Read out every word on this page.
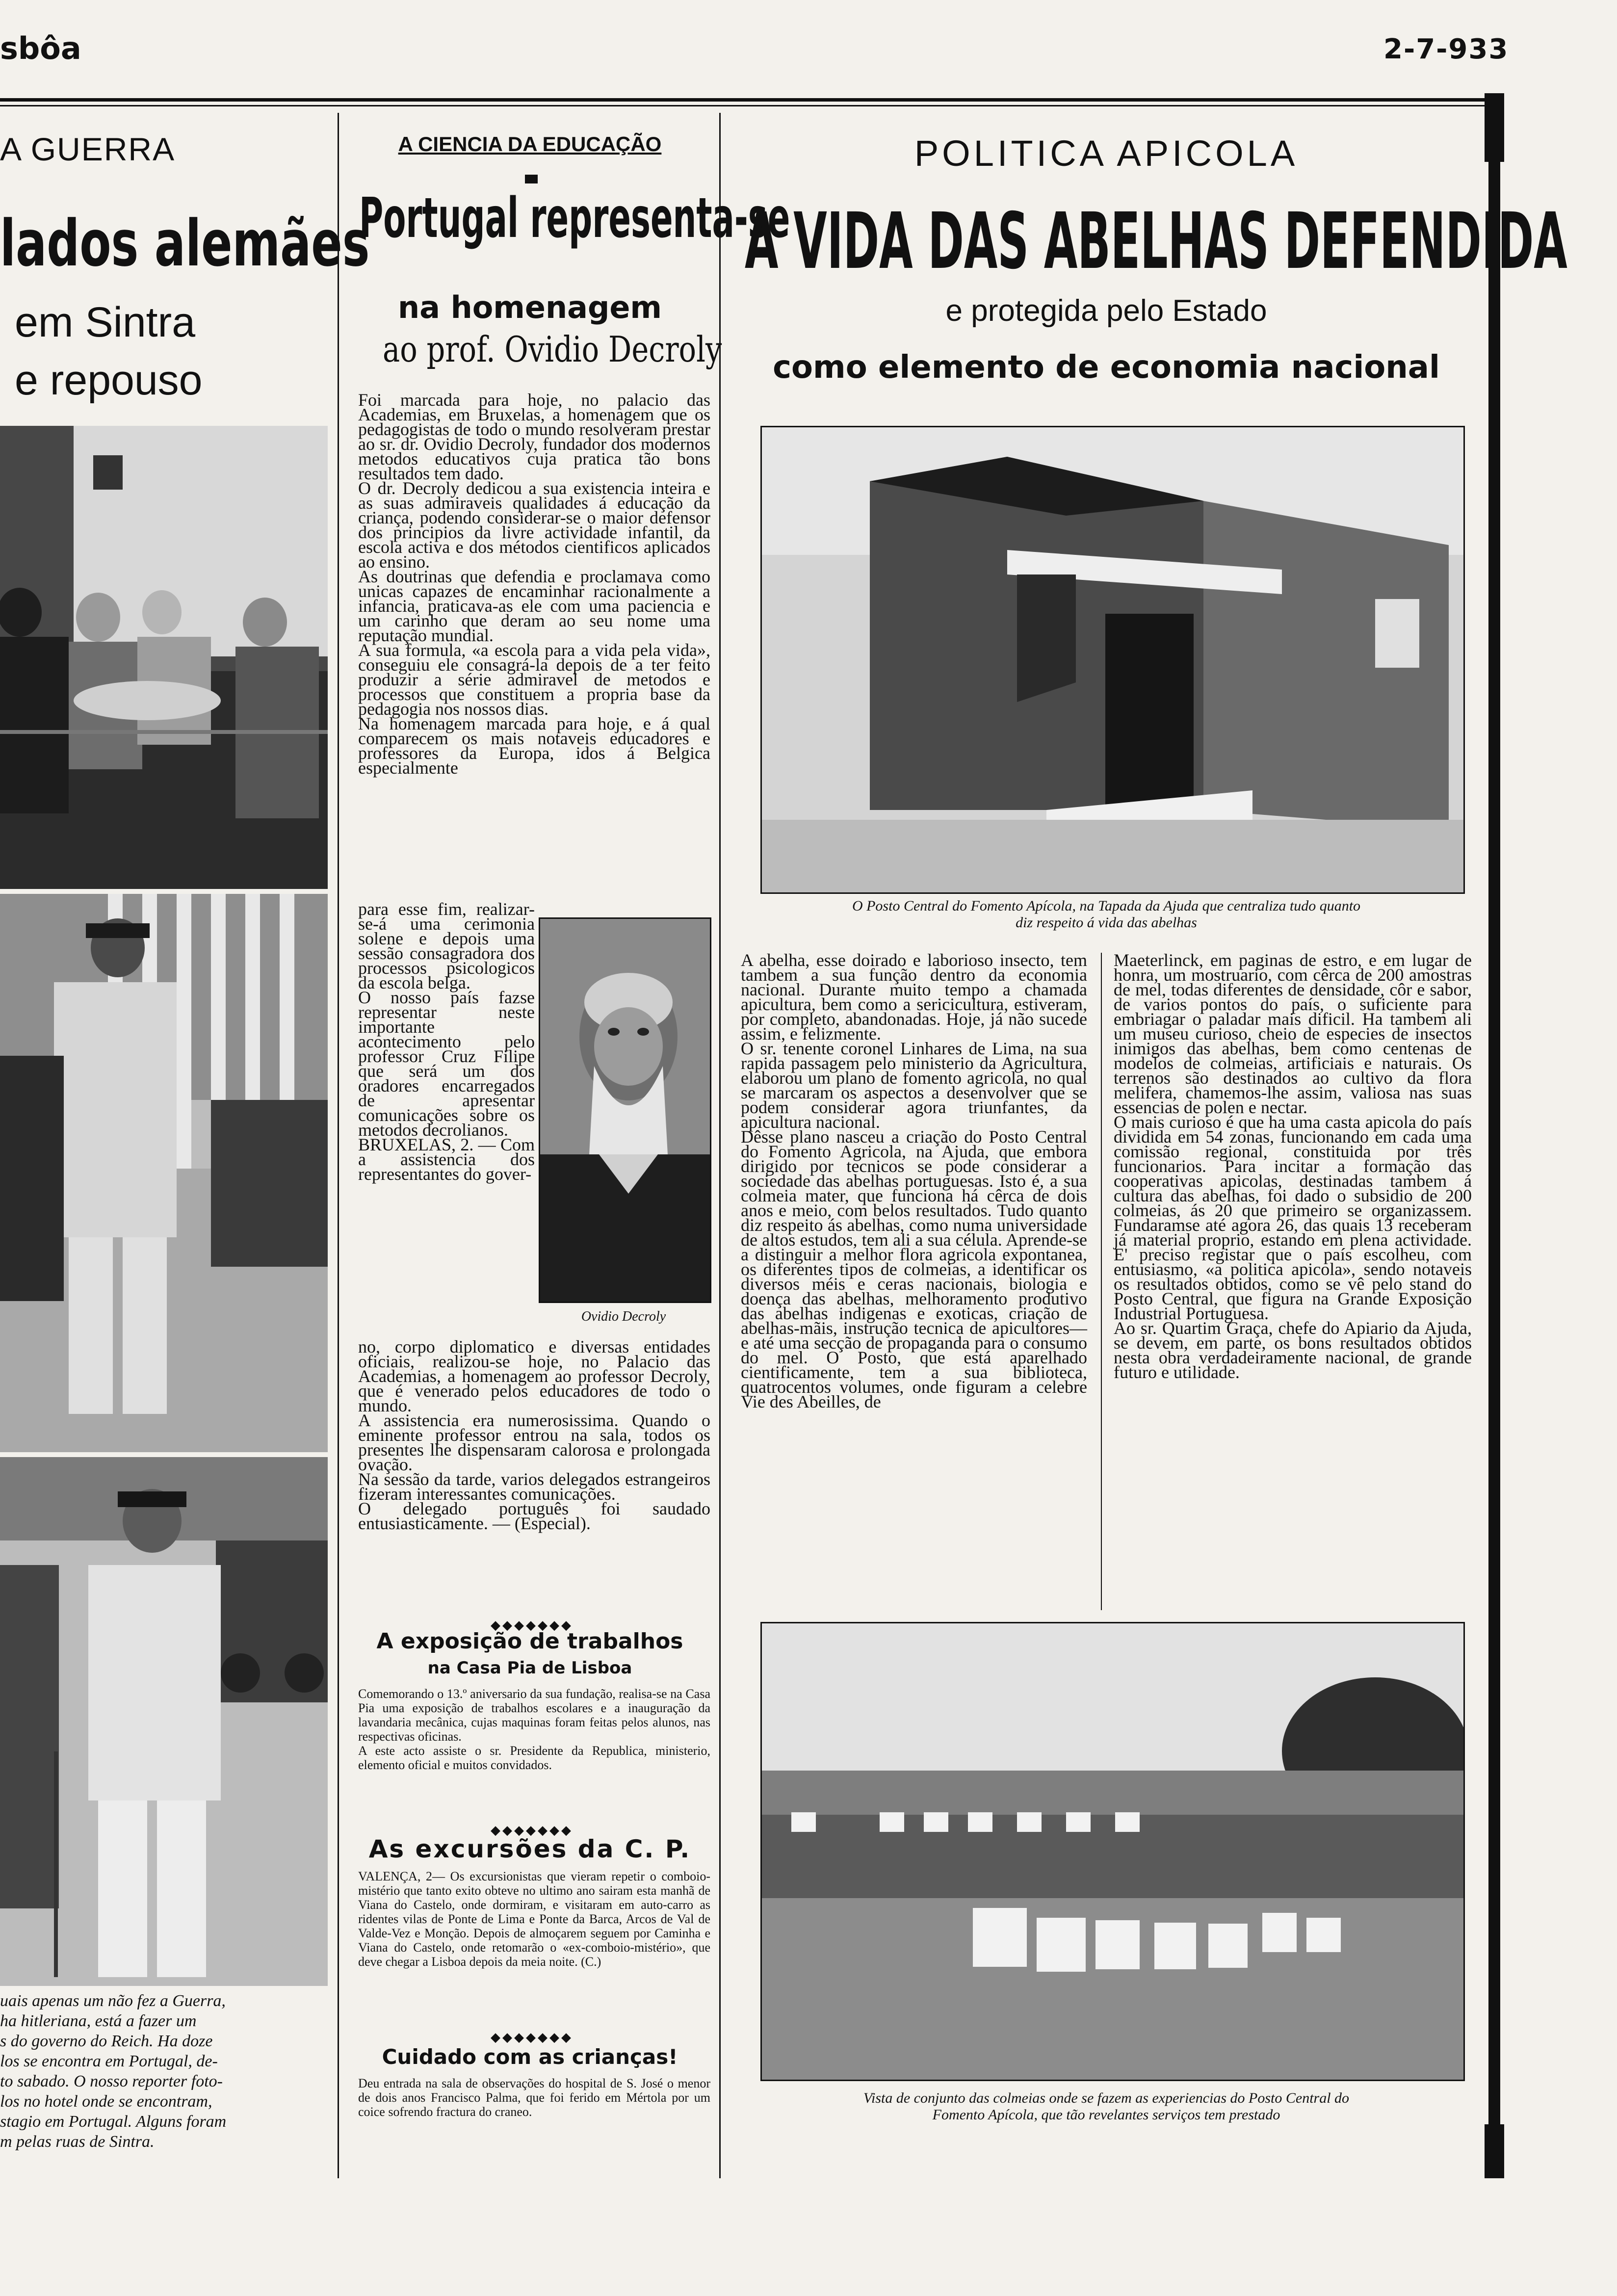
sbôa	2-7-933
A GUERRA
lados alemães
em Sintra
e repouso
uais apenas um não fez a Guerra,
ha hitleriana, está a fazer um
s do governo do Reich. Ha doze
los se encontra em Portugal, de-
to sabado. O nosso reporter foto-
los no hotel onde se encontram,
stagio em Portugal. Alguns foram
m pelas ruas de Sintra.
A CIENCIA DA EDUCAÇÃO
Portugal representa-se
na homenagem
ao prof. Ovidio Decroly
Foi marcada para hoje, no palacio das Academias, em Bruxelas, a homenagem que os pedagogistas de todo o mundo resolveram prestar ao sr. dr. Ovidio Decroly, fundador dos modernos metodos educativos cuja pratica tão bons resultados tem dado.
O dr. Decroly dedicou a sua existencia inteira e as suas admiraveis qualidades á educação da criança, podendo considerar-se o maior defensor dos principios da livre actividade infantil, da escola activa e dos métodos cientificos aplicados ao ensino.
As doutrinas que defendia e proclamava como unicas capazes de encaminhar racionalmente a infancia, praticava-as ele com uma paciencia e um carinho que deram ao seu nome uma reputação mundial.
A sua formula, «a escola para a vida pela vida», conseguiu ele consagrá-la depois de a ter feito produzir a série admiravel de metodos e processos que constituem a propria base da pedagogia nos nossos dias.
Na homenagem marcada para hoje, e á qual comparecem os mais notaveis educadores e professores da Europa, idos á Belgica especialmente
para esse fim, realizar-se-á uma cerimonia solene e depois uma sessão consagradora dos processos psicologicos da escola belga.
O nosso país fazse representar neste importante acontecimento pelo professor Cruz Filipe que será um dos oradores encarregados de apresentar comunicações sobre os metodos decrolianos.
BRUXELAS, 2. — Com a assistencia dos representantes do gover-
Ovidio Decroly
no, corpo diplomatico e diversas entidades oficiais, realizou-se hoje, no Palacio das Academias, a homenagem ao professor Decroly, que é venerado pelos educadores de todo o mundo.
A assistencia era numerosissima. Quando o eminente professor entrou na sala, todos os presentes lhe dispensaram calorosa e prolongada ovação.
Na sessão da tarde, varios delegados estrangeiros fizeram interessantes comunicações.
O delegado português foi saudado entusiasticamente. — (Especial).
◆◆◆◆◆◆◆
A exposição de trabalhos
na Casa Pia de Lisboa
Comemorando o 13.º aniversario da sua fundação, realisa-se na Casa Pia uma exposição de trabalhos escolares e a inauguração da lavandaria mecânica, cujas maquinas foram feitas pelos alunos, nas respectivas oficinas.
A este acto assiste o sr. Presidente da Republica, ministerio, elemento oficial e muitos convidados.
◆◆◆◆◆◆◆
As excursões da C. P.
VALENÇA, 2— Os excursionistas que vieram repetir o comboio-mistério que tanto exito obteve no ultimo ano sairam esta manhã de Viana do Castelo, onde dormiram, e visitaram em auto-carro as ridentes vilas de Ponte de Lima e Ponte da Barca, Arcos de Val de Valde-Vez e Monção. Depois de almoçarem seguem por Caminha e Viana do Castelo, onde retomarão o «ex-comboio-mistério», que deve chegar a Lisboa depois da meia noite. (C.)
◆◆◆◆◆◆◆
Cuidado com as crianças!
Deu entrada na sala de observações do hospital de S. José o menor de dois anos Francisco Palma, que foi ferido em Mértola por um coice sofrendo fractura do craneo.
POLITICA APICOLA
A VIDA DAS ABELHAS DEFENDIDA
e protegida pelo Estado
como elemento de economia nacional
O Posto Central do Fomento Apícola, na Tapada da Ajuda que centraliza tudo quanto
diz respeito á vida das abelhas
A abelha, esse doirado e laborioso insecto, tem tambem a sua função dentro da economia nacional. Durante muito tempo a chamada apicultura, bem como a sericicultura, estiveram, por completo, abandonadas. Hoje, já não sucede assim, e felizmente.
O sr. tenente coronel Linhares de Lima, na sua rapida passagem pelo ministerio da Agricultura, elaborou um plano de fomento agricola, no qual se marcaram os aspectos a desenvolver que se podem considerar agora triunfantes, da apicultura nacional.
Dêsse plano nasceu a criação do Posto Central do Fomento Agricola, na Ajuda, que embora dirigido por tecnicos se pode considerar a sociedade das abelhas portuguesas. Isto é, a sua colmeia mater, que funciona há cêrca de dois anos e meio, com belos resultados. Tudo quanto diz respeito ás abelhas, como numa universidade de altos estudos, tem ali a sua célula. Aprende-se a distinguir a melhor flora agricola expontanea, os diferentes tipos de colmeias, a identificar os diversos méis e ceras nacionais, biologia e doença das abelhas, melhoramento produtivo das abelhas indigenas e exoticas, criação de abelhas-mãis, instrução tecnica de apicultores—e até uma secção de propaganda para o consumo do mel. O Posto, que está aparelhado cientificamente, tem a sua biblioteca, quatrocentos volumes, onde figuram a celebre Vie des Abeilles, de
Maeterlinck, em paginas de estro, e em lugar de honra, um mostruario, com cêrca de 200 amostras de mel, todas diferentes de densidade, côr e sabor, de varios pontos do país, o suficiente para embriagar o paladar mais dificil. Ha tambem ali um museu curioso, cheio de especies de insectos inimigos das abelhas, bem como centenas de modelos de colmeias, artificiais e naturais. Os terrenos são destinados ao cultivo da flora melifera, chamemos-lhe assim, valiosa nas suas essencias de polen e nectar.
O mais curioso é que ha uma casta apicola do país dividida em 54 zonas, funcionando em cada uma comissão regional, constituida por três funcionarios. Para incitar a formação das cooperativas apicolas, destinadas tambem á cultura das abelhas, foi dado o subsidio de 200 colmeias, ás 20 que primeiro se organizassem. Fundaramse até agora 26, das quais 13 receberam já material proprio, estando em plena actividade. E' preciso registar que o país escolheu, com entusiasmo, «a politica apicola», sendo notaveis os resultados obtidos, como se vê pelo stand do Posto Central, que figura na Grande Exposição Industrial Portuguesa.
Ao sr. Quartim Graça, chefe do Apiario da Ajuda, se devem, em parte, os bons resultados obtidos nesta obra verdadeiramente nacional, de grande futuro e utilidade.
Vista de conjunto das colmeias onde se fazem as experiencias do Posto Central do
Fomento Apícola, que tão revelantes serviços tem prestado
